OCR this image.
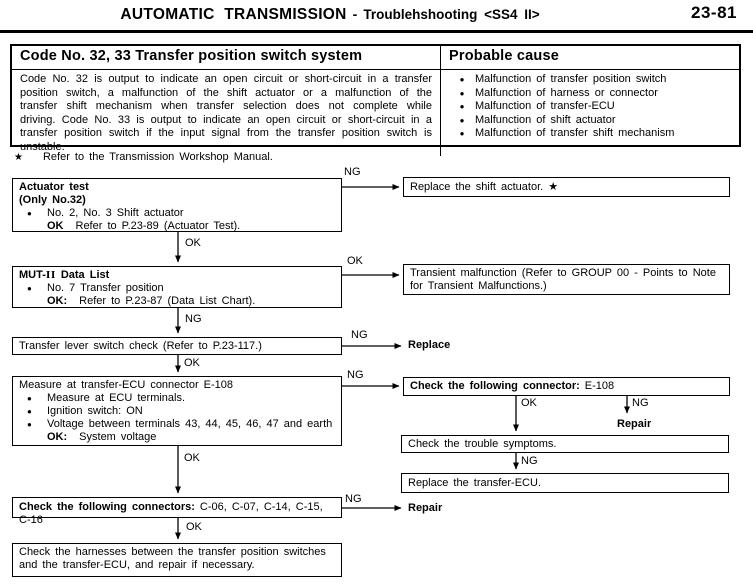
AUTOMATIC TRANSMISSION - Troublehshooting <SS4 II>	23-81
Code No. 32, 33 Transfer position switch system	Probable cause
Code No. 32 is output to indicate an open circuit or short-circuit in a transfer position switch, a malfunction of the shift actuator or a malfunction of the transfer shift mechanism when transfer selection does not complete while driving. Code No. 33 is output to indicate an open circuit or short-circuit in a transfer position switch if the input signal from the transfer position switch is unstable.
● Malfunction of transfer position switch
● Malfunction of harness or connector
● Malfunction of transfer-ECU
● Malfunction of shift actuator
● Malfunction of transfer shift mechanism
★ Refer to the Transmission Workshop Manual.
Actuator test
(Only No.32)
●	No. 2, No. 3 Shift actuator
OK Refer to P.23-89 (Actuator Test).
MUT-II Data List
●	No. 7 Transfer position
OK: Refer to P.23-87 (Data List Chart).
Transfer lever switch check (Refer to P.23-117.)
Measure at transfer-ECU connector E-108
●	Measure at ECU terminals.
●	Ignition switch: ON
●	Voltage between terminals 43, 44, 45, 46, 47 and earth
OK: System voltage
Check the following connectors: C-06, C-07, C-14, C-15, C-16
Check the harnesses between the transfer position switches and the transfer-ECU, and repair if necessary.
Replace the shift actuator. ★
Transient malfunction (Refer to GROUP 00 - Points to Note for Transient Malfunctions.)
Check the following connector: E-108
Check the trouble symptoms.
Replace the transfer-ECU.
Replace
Repair
Repair
NG
OK
OK
NG
NG
OK
NG
OK
OK	NG
NG
NG
OK
